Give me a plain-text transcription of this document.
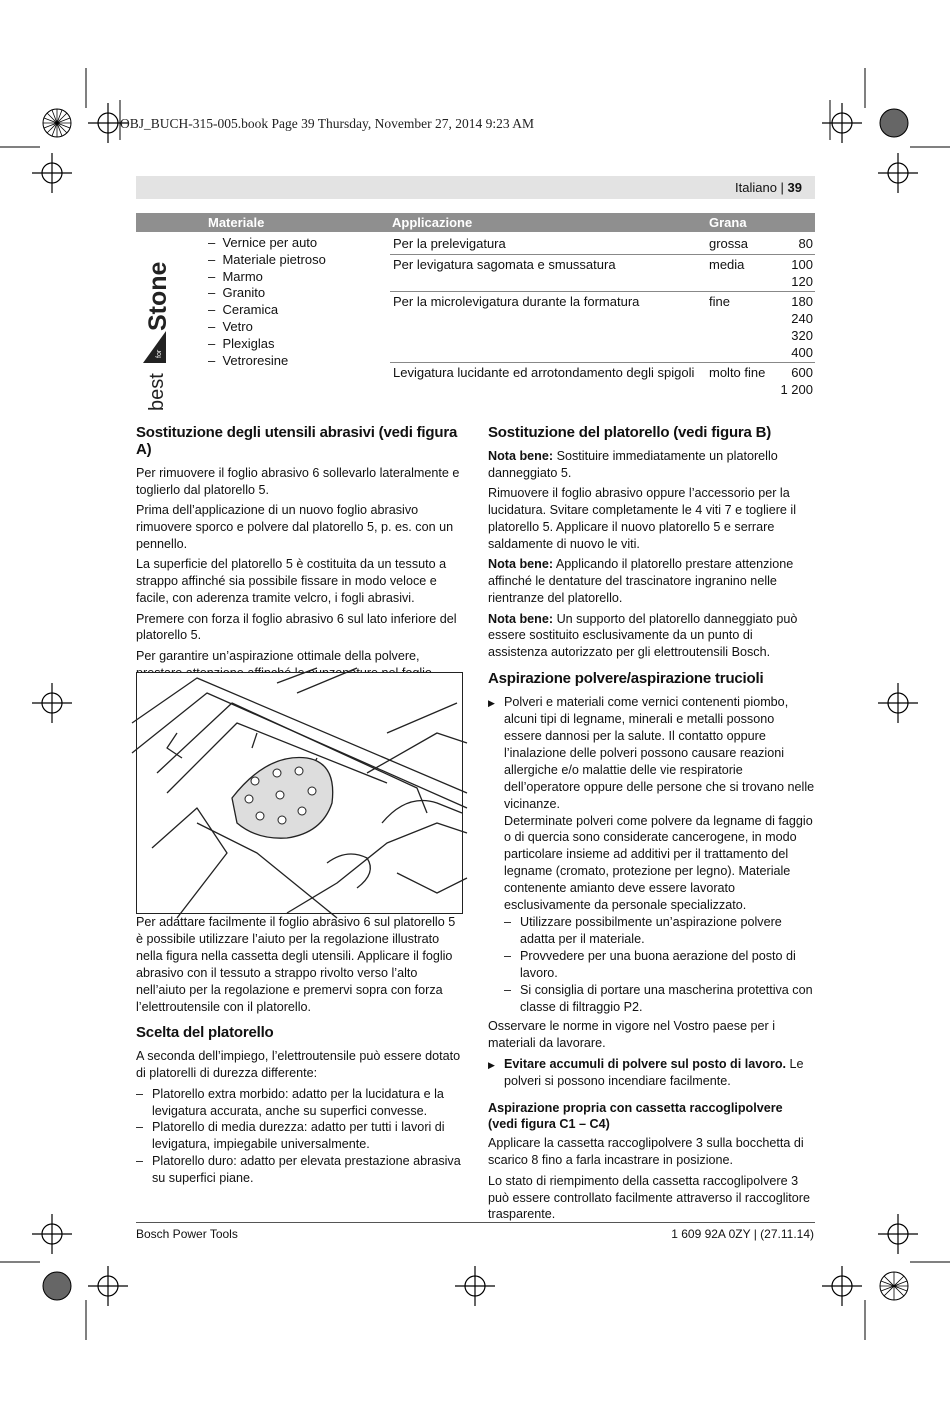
OBJ_BUCH-315-005.book Page 39 Thursday, November 27, 2014 9:23 AM
Italiano | 39
Materiale	Applicazione	Grana
best
for
Stone
–  Vernice per auto
–  Materiale pietroso
–  Marmo
–  Granito
–  Ceramica
–  Vetro
–  Plexiglas
–  Vetroresine
Per la prelevigatura	grossa	80
Per levigatura sagomata e smussatura	media	100
120
Per la microlevigatura durante la formatura	fine	180
240
320
400
Levigatura lucidante ed arrotondamento degli spigoli molto fine	600
1 200
Sostituzione degli utensili abrasivi (vedi figura A)

Per rimuovere il foglio abrasivo 6 sollevarlo lateralmente e toglierlo dal platorello 5.

Prima dell’applicazione di un nuovo foglio abrasivo rimuovere sporco e polvere dal platorello 5, p. es. con un pennello.

La superficie del platorello 5 è costituita da un tessuto a strappo affinché sia possibile fissare in modo veloce e facile, con aderenza tramite velcro, i fogli abrasivi.

Premere con forza il foglio abrasivo 6 sul lato inferiore del platorello 5.

Per garantire un’aspirazione ottimale della polvere,

Per adattare facilmente il foglio abrasivo 6 sul platorello 5 è possibile utilizzare l’aiuto per la regolazione illustrato nella figura nella cassetta degli utensili. Applicare il foglio abrasivo con il tessuto a strappo rivolto verso l’alto nell’aiuto per la regolazione e premervi sopra con forza l’elettroutensile con il platorello.

Scelta del platorello

A seconda dell’impiego, l’elettroutensile può essere dotato di platorelli di durezza differente:

– Platorello extra morbido: adatto per la lucidatura e la levigatura accurata, anche su superfici convesse.
– Platorello di media durezza: adatto per tutti i lavori di levigatura, impiegabile universalmente.
– Platorello duro: adatto per elevata prestazione abrasiva su superfici piane.
Sostituzione del platorello (vedi figura B)

Nota bene: Sostituire immediatamente un platorello danneggiato 5.

Rimuovere il foglio abrasivo oppure l’accessorio per la lucidatura. Svitare completamente le 4 viti 7 e togliere il platorello 5. Applicare il nuovo platorello 5 e serrare saldamente di nuovo le viti.

Nota bene: Applicando il platorello prestare attenzione affinché le dentature del trascinatore ingranino nelle rientranze del platorello.

Nota bene: Un supporto del platorello danneggiato può essere sostituito esclusivamente da un punto di assistenza autorizzato per gli elettroutensili Bosch.

Aspirazione polvere/aspirazione trucioli
▶ Polveri e materiali come vernici contenenti piombo, alcuni tipi di legname, minerali e metalli possono essere dannosi per la salute. Il contatto oppure l’inalazione delle polveri possono causare reazioni allergiche e/o malattie delle vie respiratorie dell’operatore oppure delle persone che si trovano nelle vicinanze.

Determinate polveri come polvere da legname di faggio o di quercia sono considerate cancerogene, in modo particolare insieme ad additivi per il trattamento del legname (cromato, protezione per legno). Materiale contenente amianto deve essere lavorato esclusivamente da personale specializzato.

– Utilizzare possibilmente un’aspirazione polvere adatta per il materiale.
– Provvedere per una buona aerazione del posto di lavoro.
– Si consiglia di portare una mascherina protettiva con classe di filtraggio P2.

Osservare le norme in vigore nel Vostro paese per i materiali da lavorare.

▶ Evitare accumuli di polvere sul posto di lavoro. Le polveri si possono incendiare facilmente.
Aspirazione propria con cassetta raccoglipolvere
(vedi figura C1 – C4)

Applicare la cassetta raccoglipolvere 3 sulla bocchetta di scarico 8 fino a farla incastrare in posizione.

Lo stato di riempimento della cassetta raccoglipolvere 3 può essere controllato facilmente attraverso il raccoglitore trasparente.

Bosch Power Tools	1 609 92A 0ZY | (27.11.14)
